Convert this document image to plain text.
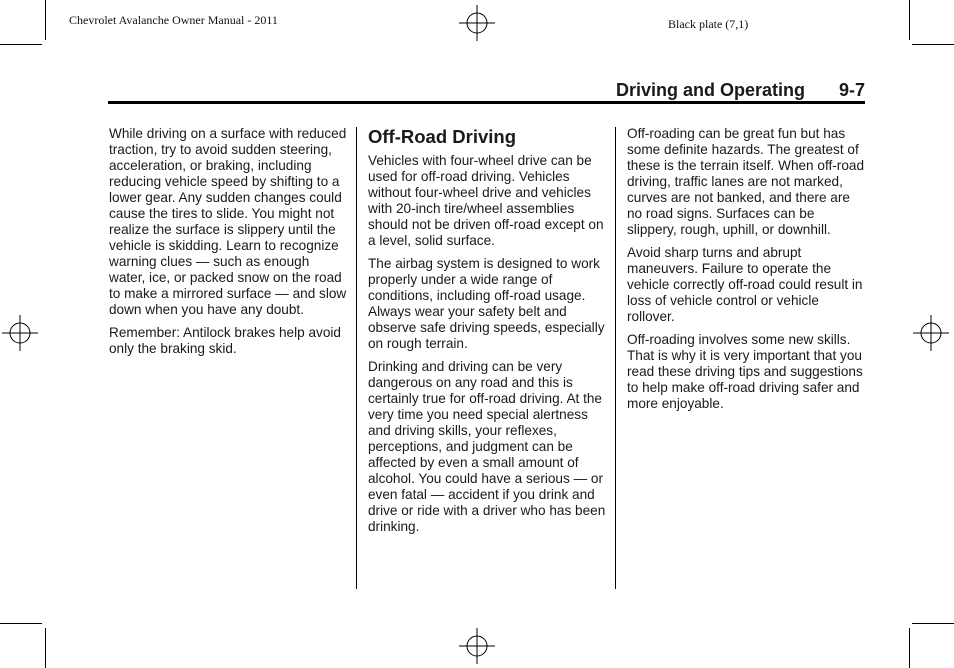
Chevrolet Avalanche Owner Manual - 2011	Black plate (7,1)
Driving and Operating 9-7

While driving on a surface with reduced traction, try to avoid sudden steering, acceleration, or braking, including reducing vehicle speed by shifting to a lower gear. Any sudden changes could cause the tires to slide. You might not realize the surface is slippery until the vehicle is skidding. Learn to recognize warning clues — such as enough water, ice, or packed snow on the road to make a mirrored surface — and slow down when you have any doubt.

Remember: Antilock brakes help avoid only the braking skid.

Off-Road Driving

Vehicles with four-wheel drive can be used for off-road driving. Vehicles without four-wheel drive and vehicles with 20-inch tire/wheel assemblies should not be driven off-road except on a level, solid surface.

The airbag system is designed to work properly under a wide range of conditions, including off-road usage. Always wear your safety belt and observe safe driving speeds, especially on rough terrain.

Drinking and driving can be very dangerous on any road and this is certainly true for off-road driving. At the very time you need special alertness and driving skills, your reflexes, perceptions, and judgment can be affected by even a small amount of alcohol. You could have a serious — or even fatal — accident if you drink and drive or ride with a driver who has been drinking.

Off-roading can be great fun but has some definite hazards. The greatest of these is the terrain itself. When off-road driving, traffic lanes are not marked, curves are not banked, and there are no road signs. Surfaces can be slippery, rough, uphill, or downhill.

Avoid sharp turns and abrupt maneuvers. Failure to operate the vehicle correctly off-road could result in loss of vehicle control or vehicle rollover.

Off-roading involves some new skills. That is why it is very important that you read these driving tips and suggestions to help make off-road driving safer and more enjoyable.
